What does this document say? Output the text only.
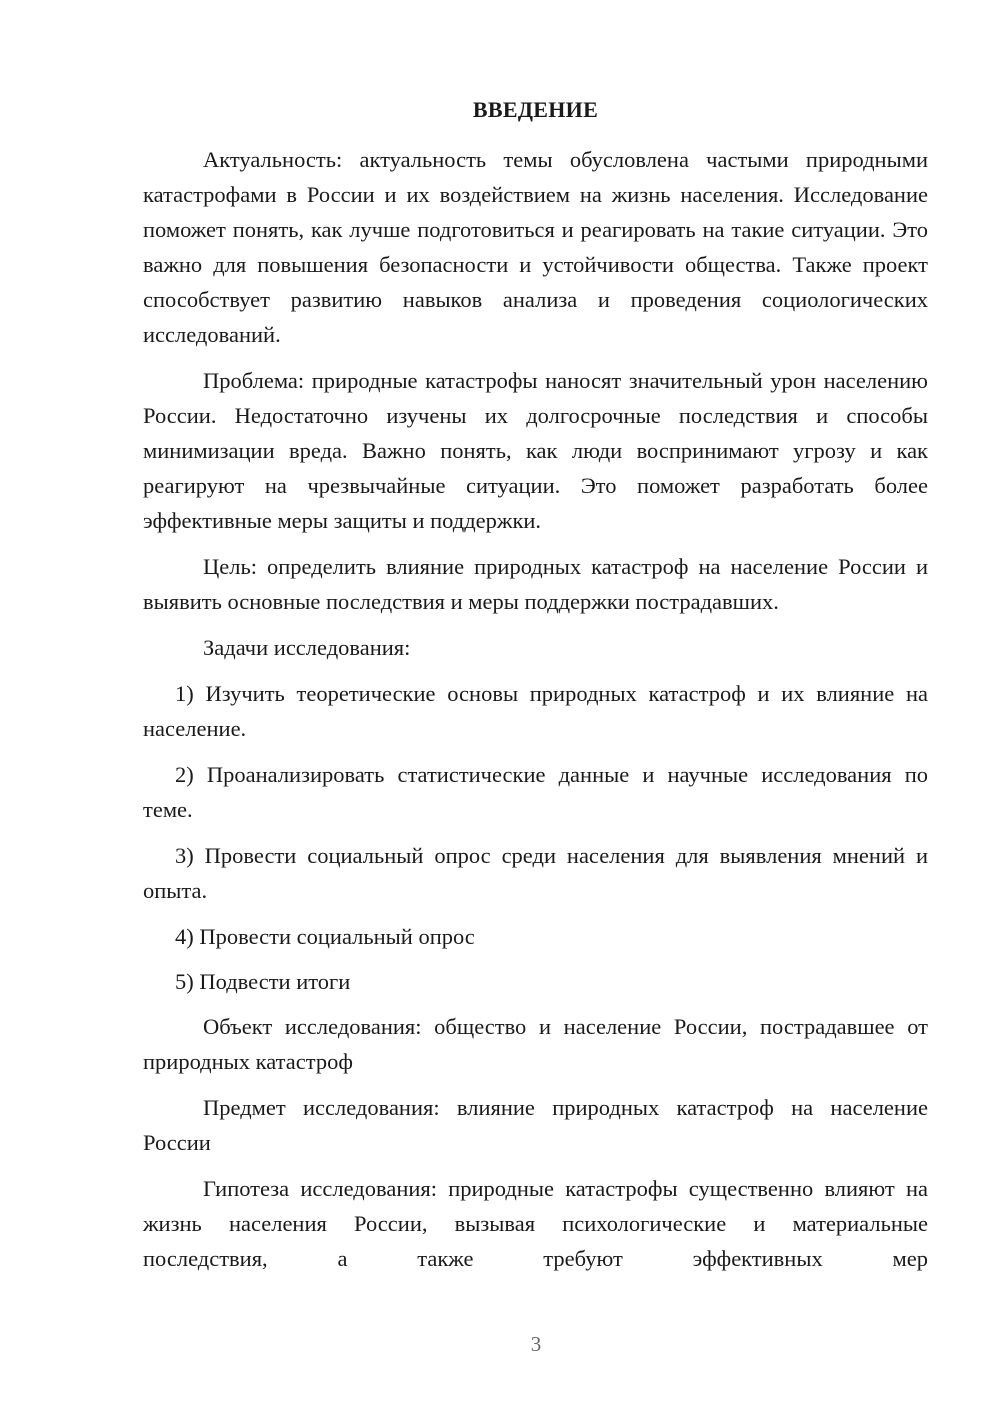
ВВЕДЕНИЕ

Актуальность: актуальность темы обусловлена частыми природными катастрофами в России и их воздействием на жизнь населения. Исследование поможет понять, как лучше подготовиться и реагировать на такие ситуации. Это важно для повышения безопасности и устойчивости общества. Также проект способствует развитию навыков анализа и проведения социологических исследований.

Проблема: природные катастрофы наносят значительный урон населению России. Недостаточно изучены их долгосрочные последствия и способы минимизации вреда. Важно понять, как люди воспринимают угрозу и как реагируют на чрезвычайные ситуации. Это поможет разработать более эффективные меры защиты и поддержки.

Цель: определить влияние природных катастроф на население России и выявить основные последствия и меры поддержки пострадавших.

Задачи исследования:

1) Изучить теоретические основы природных катастроф и их влияние на население.

2) Проанализировать статистические данные и научные исследования по теме.

3) Провести социальный опрос среди населения для выявления мнений и опыта.

4) Провести социальный опрос

5) Подвести итоги

Объект исследования: общество и население России, пострадавшее от природных катастроф

Предмет исследования: влияние природных катастроф на население России

Гипотеза исследования: природные катастрофы существенно влияют на жизнь населения России, вызывая психологические и материальные последствия, а также требуют эффективных мер

3
